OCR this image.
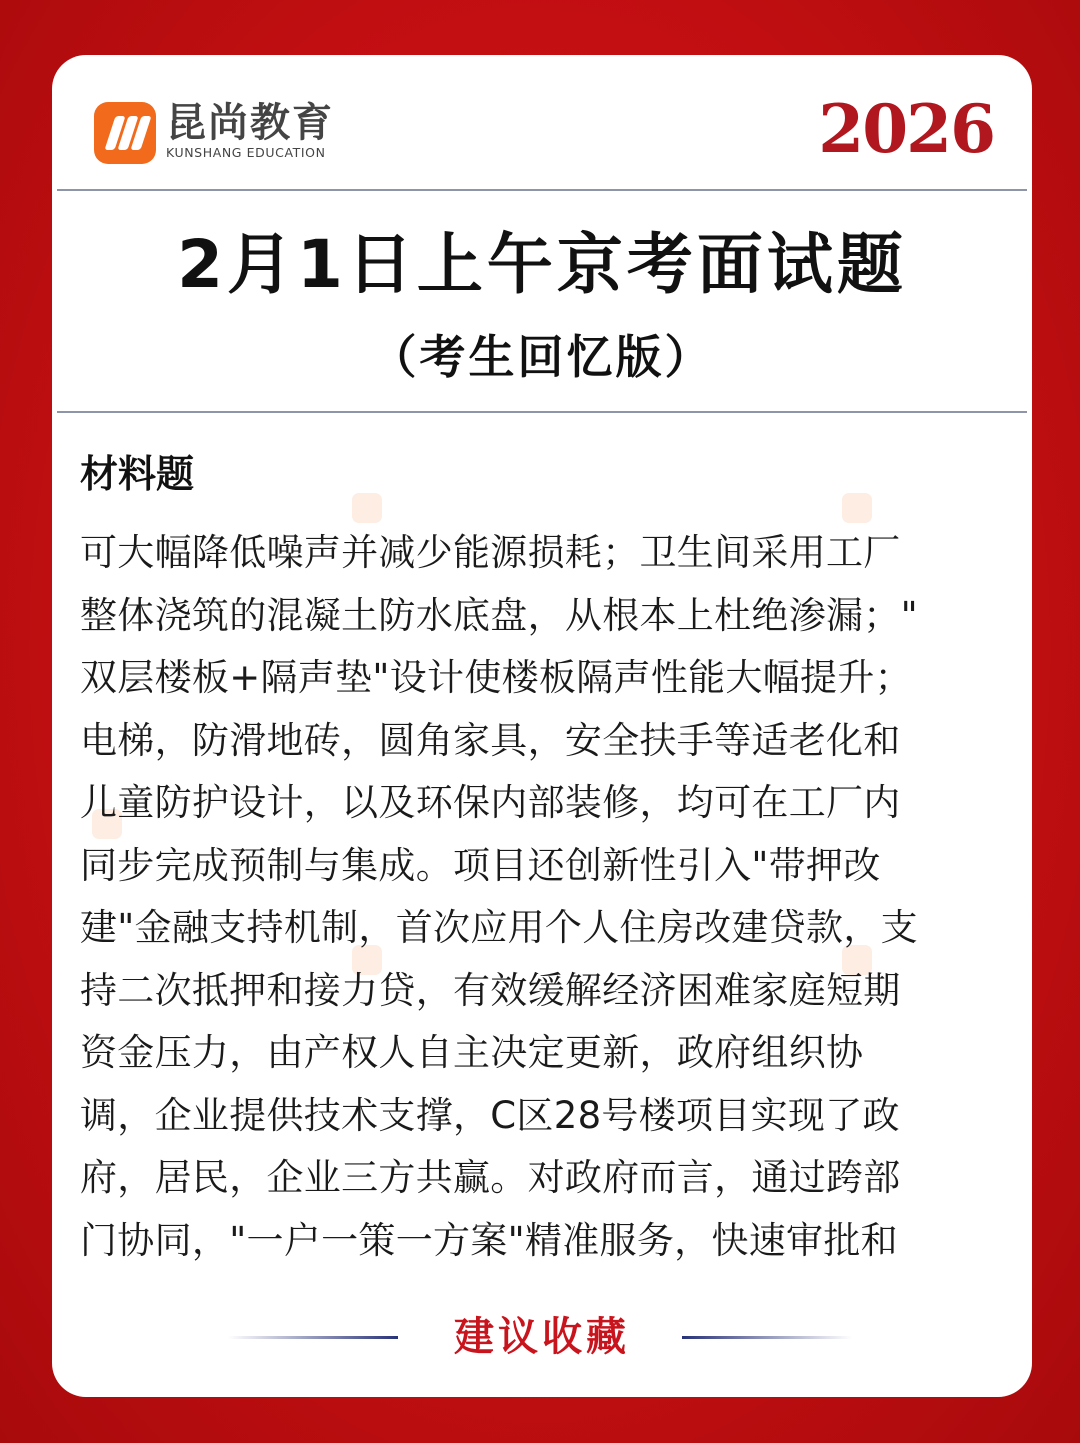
昆尚教育
KUNSHANG EDUCATION	2026
2月1日上午京考面试题
（考生回忆版）
材料题
可大幅降低噪声并减少能源损耗；卫生间采用工厂
整体浇筑的混凝土防水底盘，从根本上杜绝渗漏；"
双层楼板+隔声垫"设计使楼板隔声性能大幅提升；
电梯，防滑地砖，圆角家具，安全扶手等适老化和
儿童防护设计，以及环保内部装修，均可在工厂内
同步完成预制与集成。项目还创新性引入"带押改
建"金融支持机制，首次应用个人住房改建贷款，支
持二次抵押和接力贷，有效缓解经济困难家庭短期
资金压力，由产权人自主决定更新，政府组织协
调，企业提供技术支撑，C区28号楼项目实现了政
府，居民，企业三方共赢。对政府而言，通过跨部
门协同，"一户一策一方案"精准服务，快速审批和
建议收藏
